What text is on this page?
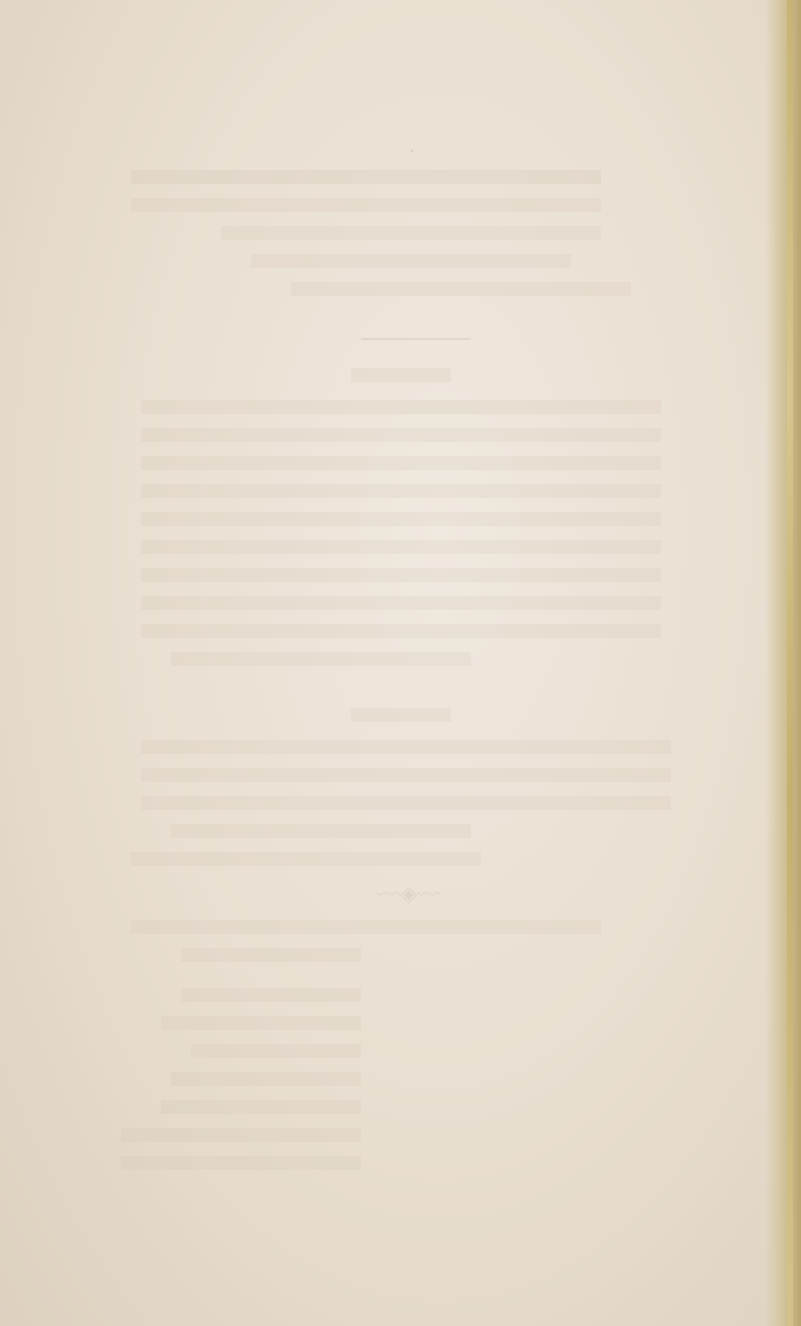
·
~~◈~~
